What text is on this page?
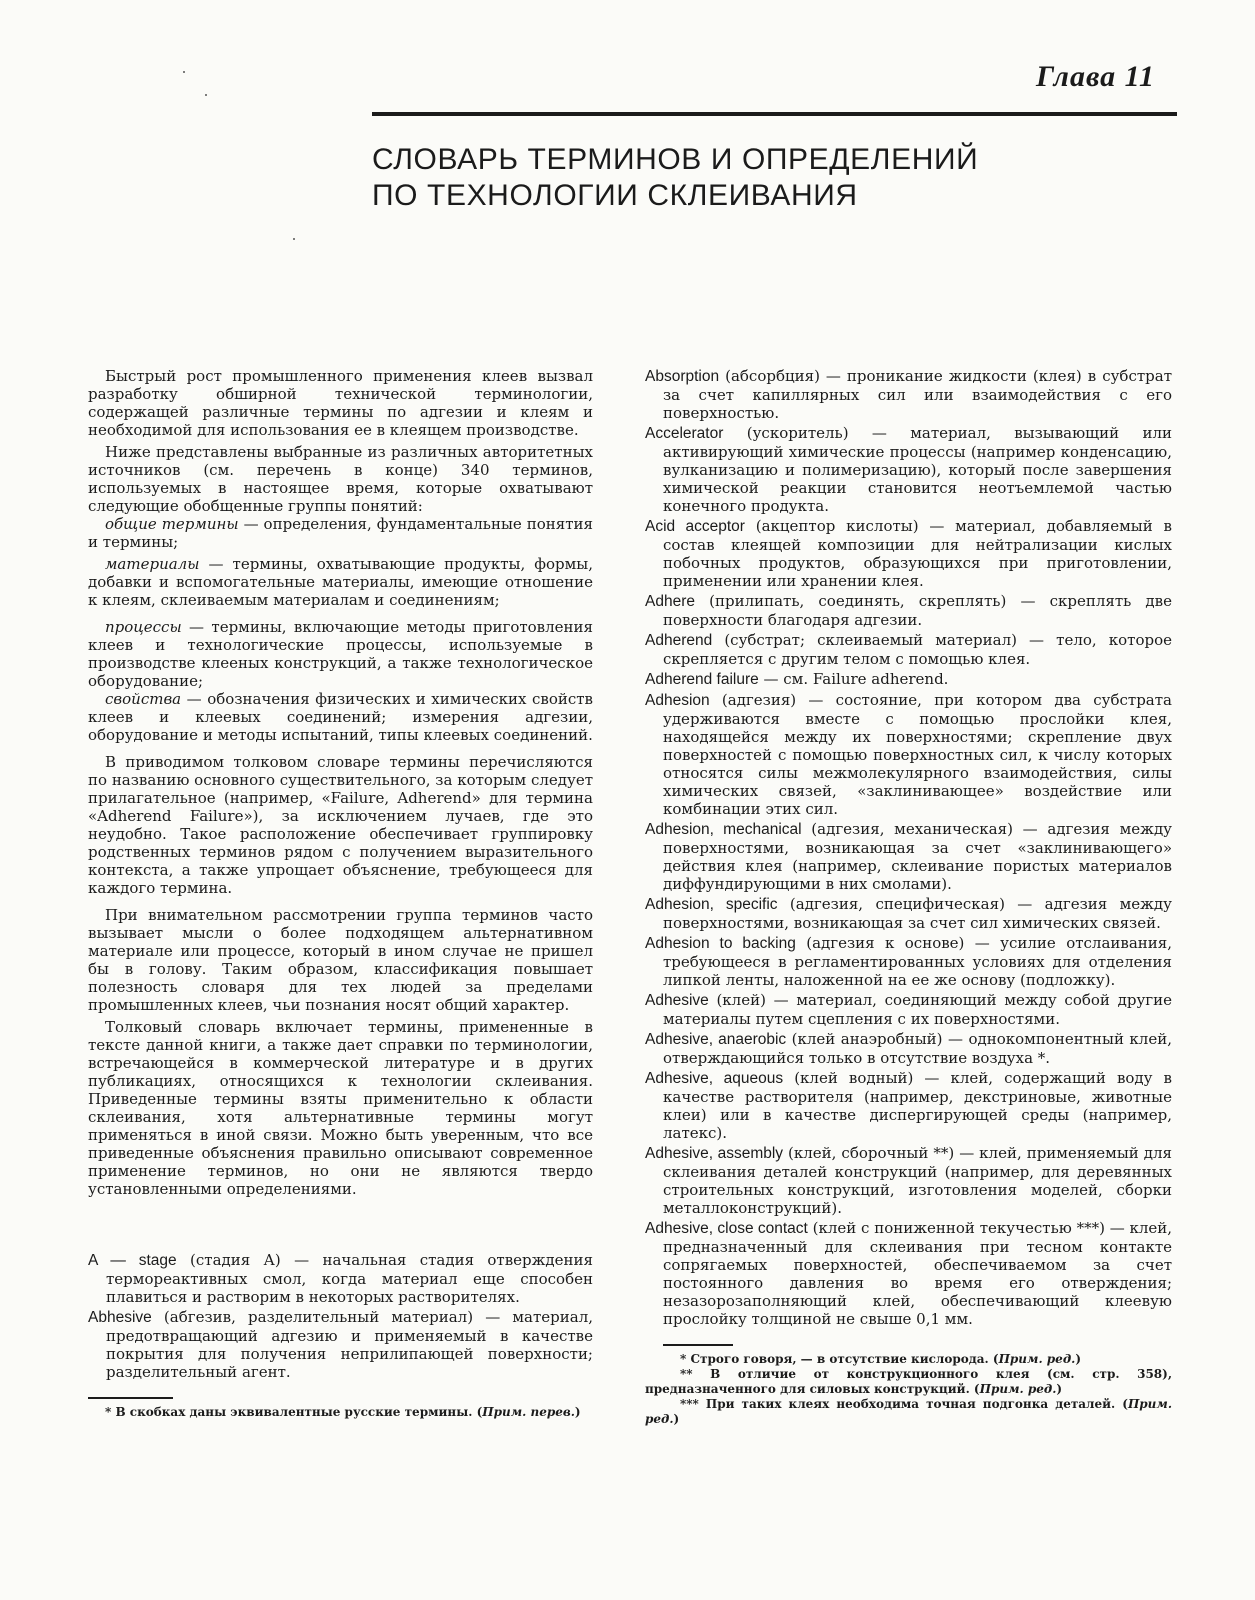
Глава 11
СЛОВАРЬ ТЕРМИНОВ И ОПРЕДЕЛЕНИЙ
ПО ТЕХНОЛОГИИ СКЛЕИВАНИЯ

Быстрый рост промышленного применения клеев вызвал разработку обширной технической терминологии, содержащей различные термины по адгезии и клеям и необходимой для использования ее в клеящем производстве.

Ниже представлены выбранные из различных авторитетных источников (см. перечень в конце) 340 терминов, используемых в настоящее время, которые охватывают следующие обобщенные группы понятий:

общие термины — определения, фундаментальные понятия и термины;
материалы — термины, охватывающие продукты, формы, добавки и вспомогательные материалы, имеющие отношение к клеям, склеиваемым материалам и соединениям;
процессы — термины, включающие методы приготовления клеев и технологические процессы, используемые в производстве клееных конструкций, а также технологическое оборудование;
свойства — обозначения физических и химических свойств клеев и клеевых соединений; измерения адгезии, оборудование и методы испытаний, типы клеевых соединений.

В приводимом толковом словаре термины перечисляются по названию основного существительного, за которым следует прилагательное (например, «Failure, Adherend» для термина «Adherend Failure»), за исключением лучаев, где это неудобно. Такое расположение обеспечивает группировку родственных терминов рядом с получением выразительного контекста, а также упрощает объяснение, требующееся для каждого термина.

При внимательном рассмотрении группа терминов часто вызывает мысли о более подходящем альтернативном материале или процессе, который в ином случае не пришел бы в голову. Таким образом, классификация повышает полезность словаря для тех людей за пределами промышленных клеев, чьи познания носят общий характер.

Толковый словарь включает термины, примененные в тексте данной книги, а также дает справки по терминологии, встречающейся в коммерческой литературе и в других публикациях, относящихся к технологии склеивания. Приведенные термины взяты применительно к области склеивания, хотя альтернативные термины могут применяться в иной связи. Можно быть уверенным, что все приведенные объяснения правильно описывают современное применение терминов, но они не являются твердо установленными определениями.

A — stage (стадия А) — начальная стадия отверждения термореактивных смол, когда материал еще способен плавиться и растворим в некоторых растворителях.
Abhesive (абгезив, разделительный материал) — материал, предотвращающий адгезию и применяемый в качестве покрытия для получения неприлипающей поверхности; разделительный агент.

* В скобках даны эквивалентные русские термины. (Прим. перев.)

Absorption (абсорбция) — проникание жидкости (клея) в субстрат за счет капиллярных сил или взаимодействия с его поверхностью.
Accelerator (ускоритель) — материал, вызывающий или активирующий химические процессы (например конденсацию, вулканизацию и полимеризацию), который после завершения химической реакции становится неотъемлемой частью конечного продукта.
Acid acceptor (акцептор кислоты) — материал, добавляемый в состав клеящей композиции для нейтрализации кислых побочных продуктов, образующихся при приготовлении, применении или хранении клея.
Adhere (прилипать, соединять, скреплять) — скреплять две поверхности благодаря адгезии.
Adherend (субстрат; склеиваемый материал) — тело, которое скрепляется с другим телом с помощью клея.
Adherend failure — см. Failure adherend.
Adhesion (адгезия) — состояние, при котором два субстрата удерживаются вместе с помощью прослойки клея, находящейся между их поверхностями; скрепление двух поверхностей с помощью поверхностных сил, к числу которых относятся силы межмолекулярного взаимодействия, силы химических связей, «заклинивающее» воздействие или комбинации этих сил.
Adhesion, mechanical (адгезия, механическая) — адгезия между поверхностями, возникающая за счет «заклинивающего» действия клея (например, склеивание пористых материалов диффундирующими в них смолами).
Adhesion, specific (адгезия, специфическая) — адгезия между поверхностями, возникающая за счет сил химических связей.
Adhesion to backing (адгезия к основе) — усилие отслаивания, требующееся в регламентированных условиях для отделения липкой ленты, наложенной на ее же основу (подложку).
Adhesive (клей) — материал, соединяющий между собой другие материалы путем сцепления с их поверхностями.
Adhesive, anaerobic (клей анаэробный) — однокомпонентный клей, отверждающийся только в отсутствие воздуха *.
Adhesive, aqueous (клей водный) — клей, содержащий воду в качестве растворителя (например, декстриновые, животные клеи) или в качестве диспергирующей среды (например, латекс).
Adhesive, assembly (клей, сборочный **) — клей, применяемый для склеивания деталей конструкций (например, для деревянных строительных конструкций, изготовления моделей, сборки металлоконструкций).
Adhesive, close contact (клей с пониженной текучестью ***) — клей, предназначенный для склеивания при тесном контакте сопрягаемых поверхностей, обеспечиваемом за счет постоянного давления во время его отверждения; незазорозаполняющий клей, обеспечивающий клеевую прослойку толщиной не свыше 0,1 мм.

* Строго говоря, — в отсутствие кислорода. (Прим. ред.)

** В отличие от конструкционного клея (см. стр. 358), предназначенного для силовых конструкций. (Прим. ред.)

*** При таких клеях необходима точная подгонка деталей. (Прим. ред.)
